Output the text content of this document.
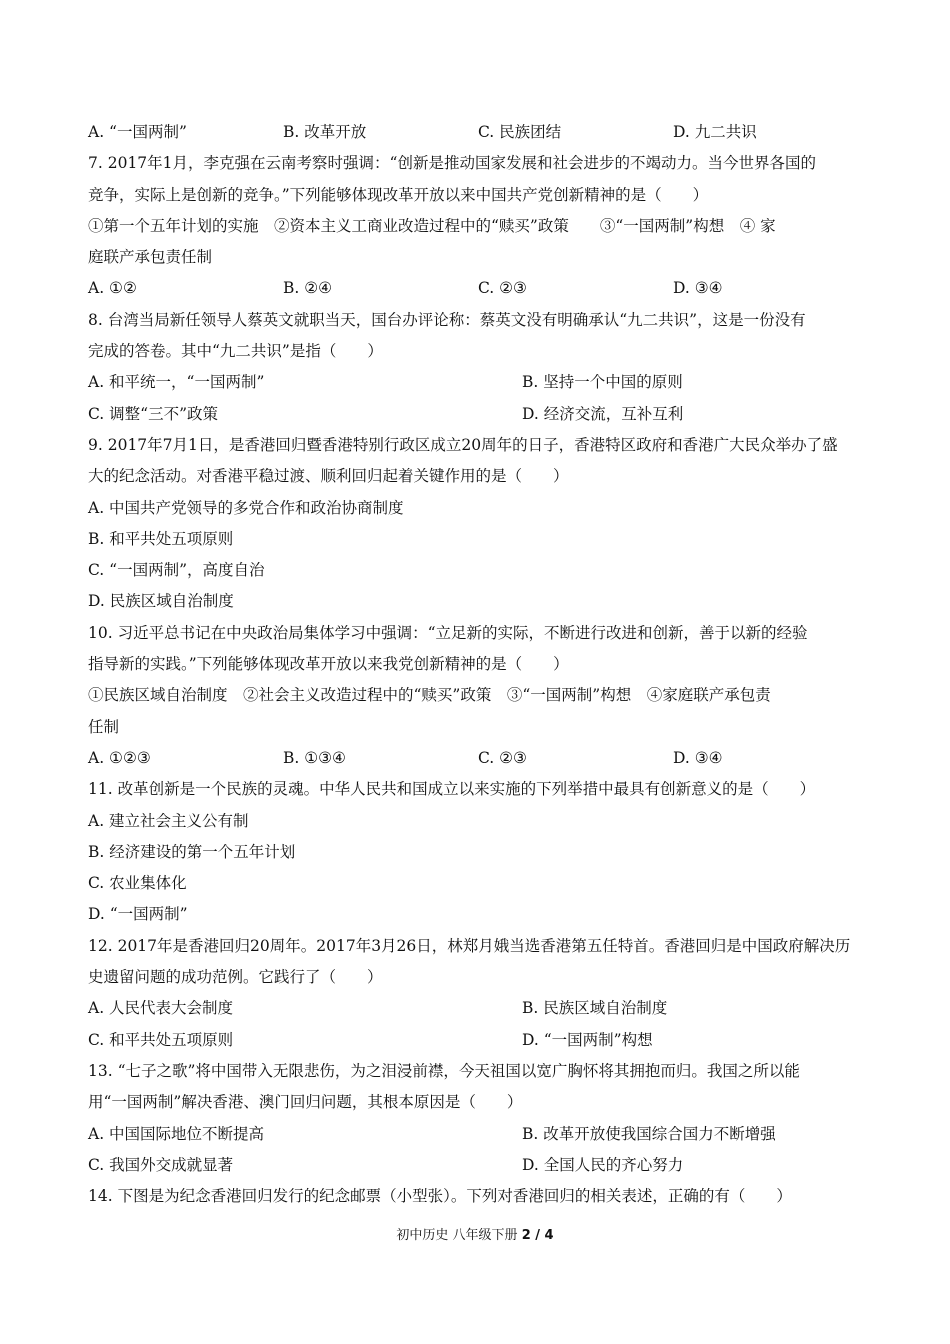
A. “一国两制”	B. 改革开放	C. 民族团结	D. 九二共识
7. 2017年1月，李克强在云南考察时强调：“创新是推动国家发展和社会进步的不竭动力。当今世界各国的
竞争，实际上是创新的竞争。”下列能够体现改革开放以来中国共产党创新精神的是（　　）
①第一个五年计划的实施　②资本主义工商业改造过程中的“赎买”政策　　③“一国两制”构想　④ 家
庭联产承包责任制
A. ①②	B. ②④	C. ②③	D. ③④
8. 台湾当局新任领导人蔡英文就职当天，国台办评论称：蔡英文没有明确承认“九二共识”，这是一份没有
完成的答卷。其中“九二共识”是指（　　）
A. 和平统一，“一国两制”	B. 坚持一个中国的原则
C. 调整“三不”政策	D. 经济交流，互补互利
9. 2017年7月1日，是香港回归暨香港特别行政区成立20周年的日子，香港特区政府和香港广大民众举办了盛
大的纪念活动。对香港平稳过渡、顺利回归起着关键作用的是（　　）
A. 中国共产党领导的多党合作和政治协商制度
B. 和平共处五项原则
C. “一国两制”，高度自治
D. 民族区域自治制度
10. 习近平总书记在中央政治局集体学习中强调：“立足新的实际，不断进行改进和创新，善于以新的经验
指导新的实践。”下列能够体现改革开放以来我党创新精神的是（　　）
①民族区域自治制度　②社会主义改造过程中的“赎买”政策　③“一国两制”构想　④家庭联产承包责
任制
A. ①②③	B. ①③④	C. ②③	D. ③④
11. 改革创新是一个民族的灵魂。中华人民共和国成立以来实施的下列举措中最具有创新意义的是（　　）
A. 建立社会主义公有制
B. 经济建设的第一个五年计划
C. 农业集体化
D. “一国两制”
12. 2017年是香港回归20周年。2017年3月26日，林郑月娥当选香港第五任特首。香港回归是中国政府解决历
史遗留问题的成功范例。它践行了（　　）
A. 人民代表大会制度	B. 民族区域自治制度
C. 和平共处五项原则	D. “一国两制”构想
13. “七子之歌”将中国带入无限悲伤，为之泪浸前襟，今天祖国以宽广胸怀将其拥抱而归。我国之所以能
用“一国两制”解决香港、澳门回归问题，其根本原因是（　　）
A. 中国国际地位不断提高	B. 改革开放使我国综合国力不断增强
C. 我国外交成就显著	D. 全国人民的齐心努力
14. 下图是为纪念香港回归发行的纪念邮票（小型张）。下列对香港回归的相关表述，正确的有（　　）
初中历史 八年级下册 2 / 4
